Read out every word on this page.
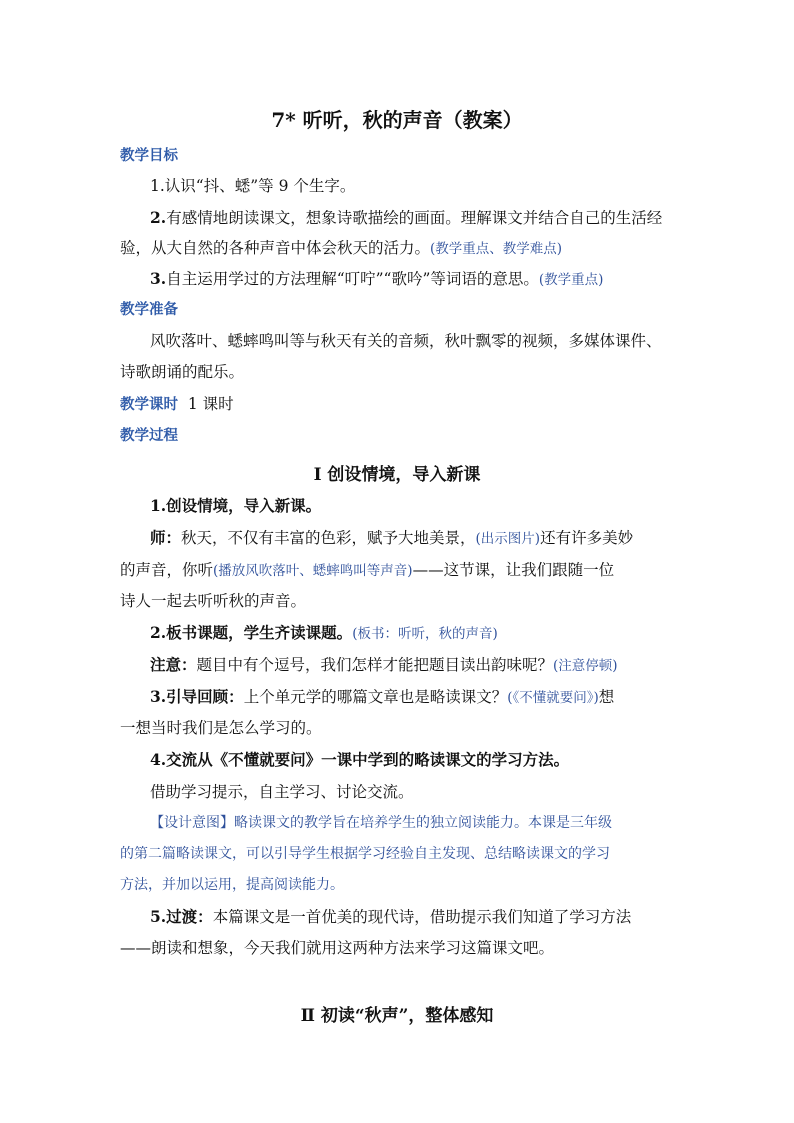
7* 听听，秋的声音（教案）
教学目标
1.认识“抖、蟋”等 9 个生字。
2.有感情地朗读课文，想象诗歌描绘的画面。理解课文并结合自己的生活经
验，从大自然的各种声音中体会秋天的活力。(教学重点、教学难点)
3.自主运用学过的方法理解“叮咛”“歌吟”等词语的意思。(教学重点)
教学准备
风吹落叶、蟋蟀鸣叫等与秋天有关的音频，秋叶飘零的视频，多媒体课件、
诗歌朗诵的配乐。
教学课时 1 课时
教学过程
Ⅰ 创设情境，导入新课
1.创设情境，导入新课。
师：秋天，不仅有丰富的色彩，赋予大地美景，(出示图片)还有许多美妙
的声音，你听(播放风吹落叶、蟋蟀鸣叫等声音)——这节课，让我们跟随一位
诗人一起去听听秋的声音。
2.板书课题，学生齐读课题。(板书：听听，秋的声音)
注意：题目中有个逗号，我们怎样才能把题目读出韵味呢？(注意停顿)
3.引导回顾：上个单元学的哪篇文章也是略读课文？(《不懂就要问》)想
一想当时我们是怎么学习的。
4.交流从《不懂就要问》一课中学到的略读课文的学习方法。
借助学习提示，自主学习、讨论交流。
【设计意图】略读课文的教学旨在培养学生的独立阅读能力。本课是三年级
的第二篇略读课文，可以引导学生根据学习经验自主发现、总结略读课文的学习
方法，并加以运用，提高阅读能力。
5.过渡：本篇课文是一首优美的现代诗，借助提示我们知道了学习方法
——朗读和想象，今天我们就用这两种方法来学习这篇课文吧。
Ⅱ 初读“秋声”，整体感知
